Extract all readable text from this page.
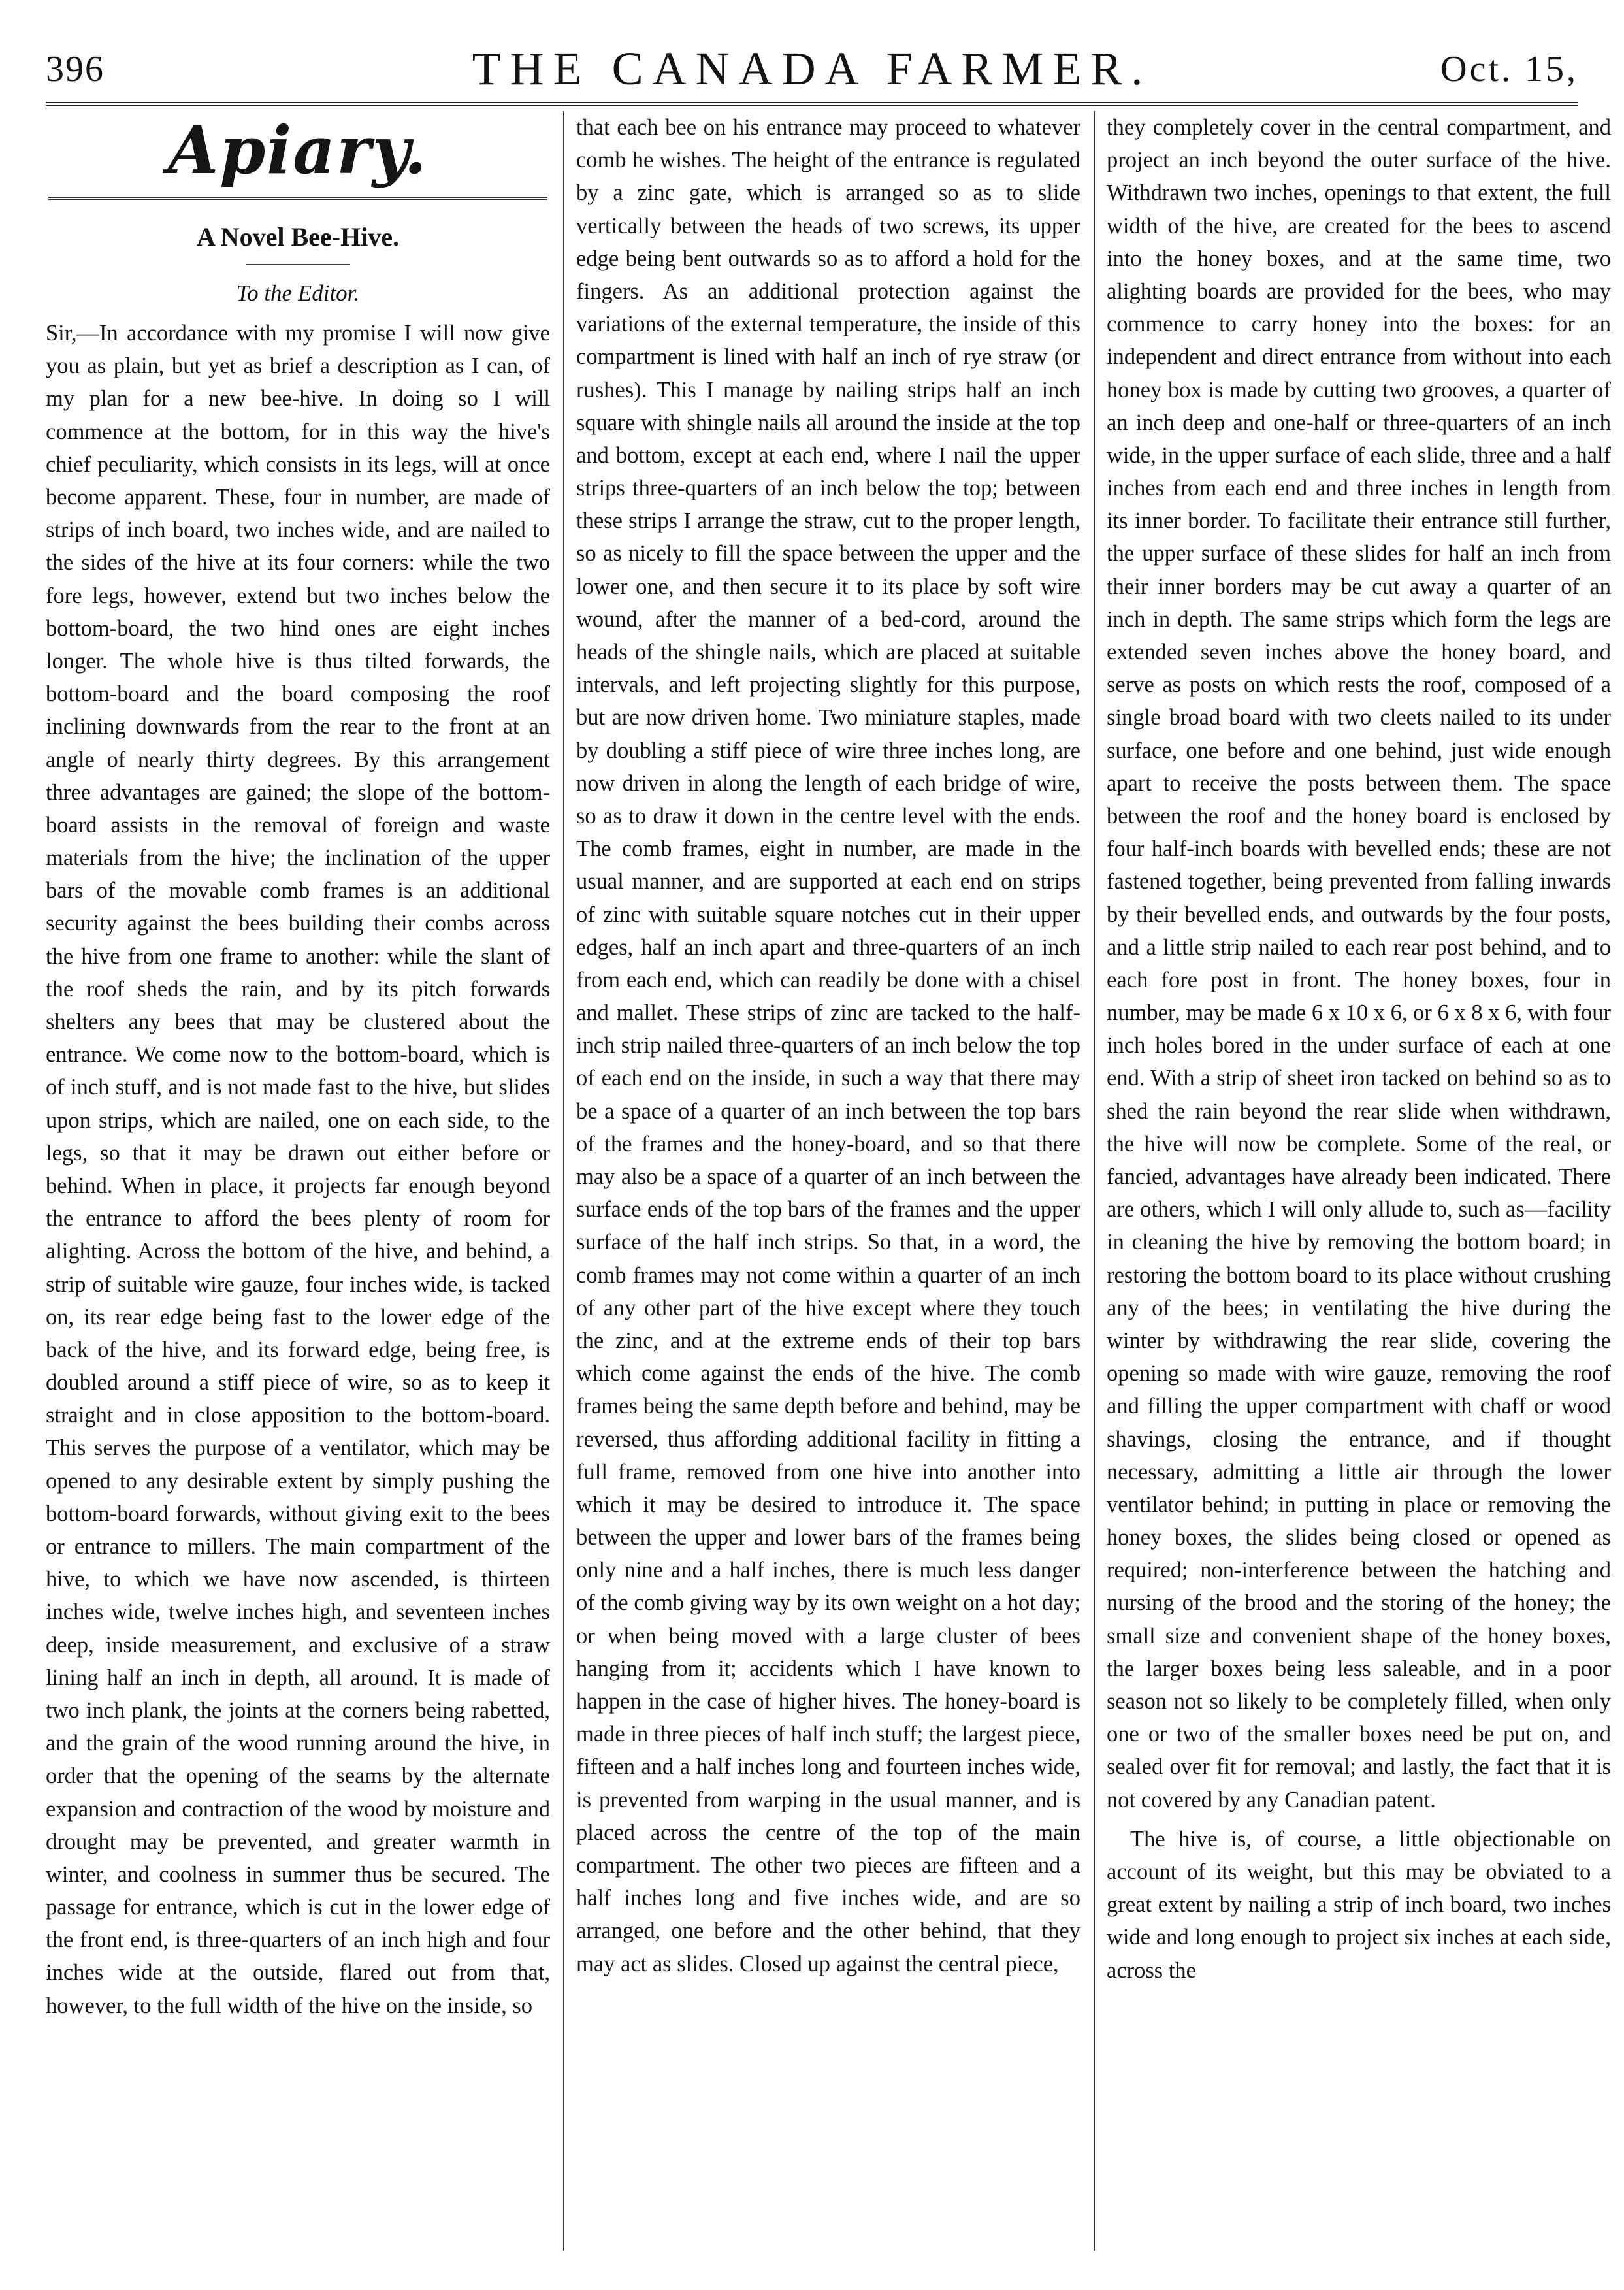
396	THE CANADA FARMER.	Oct. 15,
Apiary.
A Novel Bee-Hive.
To the Editor.

Sir,—In accordance with my promise I will now give you as plain, but yet as brief a description as I can, of my plan for a new bee-hive. In doing so I will commence at the bottom, for in this way the hive's chief peculiarity, which consists in its legs, will at once become apparent. These, four in number, are made of strips of inch board, two inches wide, and are nailed to the sides of the hive at its four corners: while the two fore legs, however, extend but two inches below the bottom-board, the two hind ones are eight inches longer. The whole hive is thus tilted forwards, the bottom-board and the board composing the roof inclining downwards from the rear to the front at an angle of nearly thirty degrees. By this arrangement three advantages are gained; the slope of the bottom-board assists in the removal of foreign and waste materials from the hive; the inclination of the upper bars of the movable comb frames is an additional security against the bees building their combs across the hive from one frame to another: while the slant of the roof sheds the rain, and by its pitch forwards shelters any bees that may be clustered about the entrance. We come now to the bottom-board, which is of inch stuff, and is not made fast to the hive, but slides upon strips, which are nailed, one on each side, to the legs, so that it may be drawn out either before or behind. When in place, it projects far enough beyond the entrance to afford the bees plenty of room for alighting. Across the bottom of the hive, and behind, a strip of suitable wire gauze, four inches wide, is tacked on, its rear edge being fast to the lower edge of the back of the hive, and its forward edge, being free, is doubled around a stiff piece of wire, so as to keep it straight and in close apposition to the bottom-board. This serves the purpose of a ventilator, which may be opened to any desirable extent by simply pushing the bottom-board forwards, without giving exit to the bees or entrance to millers. The main compartment of the hive, to which we have now ascended, is thirteen inches wide, twelve inches high, and seventeen inches deep, inside measurement, and exclusive of a straw lining half an inch in depth, all around. It is made of two inch plank, the joints at the corners being rabetted, and the grain of the wood running around the hive, in order that the opening of the seams by the alternate expansion and contraction of the wood by moisture and drought may be prevented, and greater warmth in winter, and coolness in summer thus be secured. The passage for entrance, which is cut in the lower edge of the front end, is three-quarters of an inch high and four inches wide at the outside, flared out from that, however, to the full width of the hive on the inside, so

that each bee on his entrance may proceed to whatever comb he wishes. The height of the entrance is regulated by a zinc gate, which is arranged so as to slide vertically between the heads of two screws, its upper edge being bent outwards so as to afford a hold for the fingers. As an additional protection against the variations of the external temperature, the inside of this compartment is lined with half an inch of rye straw (or rushes). This I manage by nailing strips half an inch square with shingle nails all around the inside at the top and bottom, except at each end, where I nail the upper strips three-quarters of an inch below the top; between these strips I arrange the straw, cut to the proper length, so as nicely to fill the space between the upper and the lower one, and then secure it to its place by soft wire wound, after the manner of a bed-cord, around the heads of the shingle nails, which are placed at suitable intervals, and left projecting slightly for this purpose, but are now driven home. Two miniature staples, made by doubling a stiff piece of wire three inches long, are now driven in along the length of each bridge of wire, so as to draw it down in the centre level with the ends. The comb frames, eight in number, are made in the usual manner, and are supported at each end on strips of zinc with suitable square notches cut in their upper edges, half an inch apart and three-quarters of an inch from each end, which can readily be done with a chisel and mallet. These strips of zinc are tacked to the half-inch strip nailed three-quarters of an inch below the top of each end on the inside, in such a way that there may be a space of a quarter of an inch between the top bars of the frames and the honey-board, and so that there may also be a space of a quarter of an inch between the surface ends of the top bars of the frames and the upper surface of the half inch strips. So that, in a word, the comb frames may not come within a quarter of an inch of any other part of the hive except where they touch the zinc, and at the extreme ends of their top bars which come against the ends of the hive. The comb frames being the same depth before and behind, may be reversed, thus affording additional facility in fitting a full frame, removed from one hive into another into which it may be desired to introduce it. The space between the upper and lower bars of the frames being only nine and a half inches, there is much less danger of the comb giving way by its own weight on a hot day; or when being moved with a large cluster of bees hanging from it; accidents which I have known to happen in the case of higher hives. The honey-board is made in three pieces of half inch stuff; the largest piece, fifteen and a half inches long and fourteen inches wide, is prevented from warping in the usual manner, and is placed across the centre of the top of the main compartment. The other two pieces are fifteen and a half inches long and five inches wide, and are so arranged, one before and the other behind, that they may act as slides. Closed up against the central piece,

they completely cover in the central compartment, and project an inch beyond the outer surface of the hive. Withdrawn two inches, openings to that extent, the full width of the hive, are created for the bees to ascend into the honey boxes, and at the same time, two alighting boards are provided for the bees, who may commence to carry honey into the boxes: for an independent and direct entrance from without into each honey box is made by cutting two grooves, a quarter of an inch deep and one-half or three-quarters of an inch wide, in the upper surface of each slide, three and a half inches from each end and three inches in length from its inner border. To facilitate their entrance still further, the upper surface of these slides for half an inch from their inner borders may be cut away a quarter of an inch in depth. The same strips which form the legs are extended seven inches above the honey board, and serve as posts on which rests the roof, composed of a single broad board with two cleets nailed to its under surface, one before and one behind, just wide enough apart to receive the posts between them. The space between the roof and the honey board is enclosed by four half-inch boards with bevelled ends; these are not fastened together, being prevented from falling inwards by their bevelled ends, and outwards by the four posts, and a little strip nailed to each rear post behind, and to each fore post in front. The honey boxes, four in number, may be made 6 x 10 x 6, or 6 x 8 x 6, with four inch holes bored in the under surface of each at one end. With a strip of sheet iron tacked on behind so as to shed the rain beyond the rear slide when withdrawn, the hive will now be complete. Some of the real, or fancied, advantages have already been indicated. There are others, which I will only allude to, such as—facility in cleaning the hive by removing the bottom board; in restoring the bottom board to its place without crushing any of the bees; in ventilating the hive during the winter by withdrawing the rear slide, covering the opening so made with wire gauze, removing the roof and filling the upper compartment with chaff or wood shavings, closing the entrance, and if thought necessary, admitting a little air through the lower ventilator behind; in putting in place or removing the honey boxes, the slides being closed or opened as required; non-interference between the hatching and nursing of the brood and the storing of the honey; the small size and convenient shape of the honey boxes, the larger boxes being less saleable, and in a poor season not so likely to be completely filled, when only one or two of the smaller boxes need be put on, and sealed over fit for removal; and lastly, the fact that it is not covered by any Canadian patent.

The hive is, of course, a little objectionable on account of its weight, but this may be obviated to a great extent by nailing a strip of inch board, two inches wide and long enough to project six inches at each side, across the
